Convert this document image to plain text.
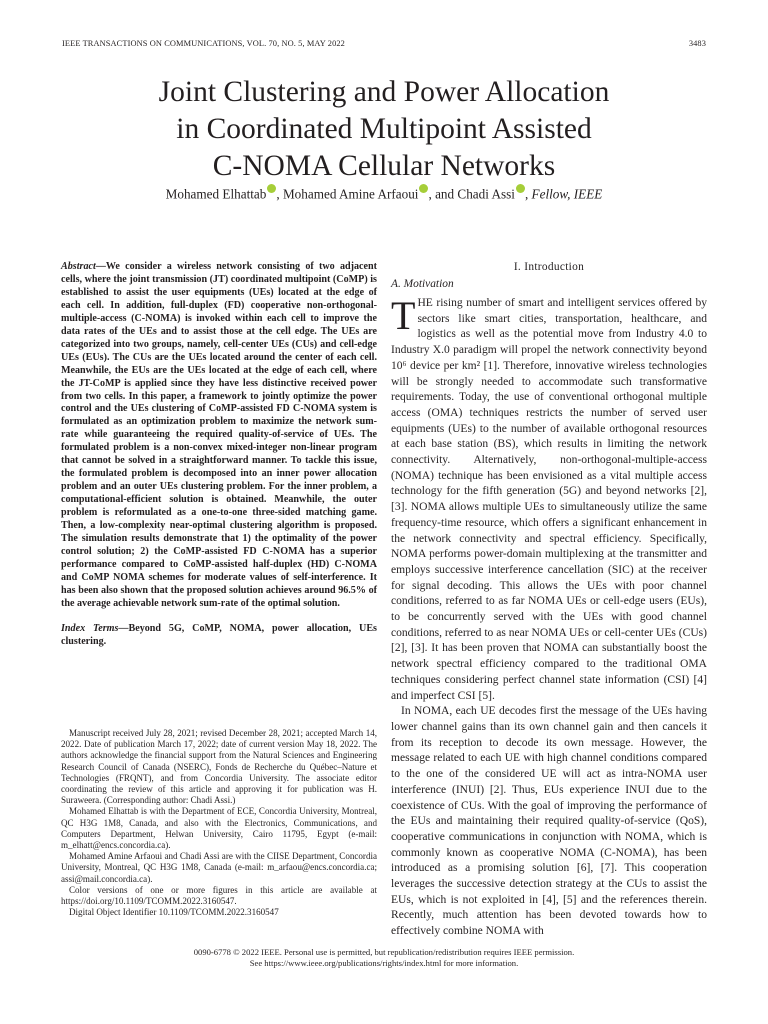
IEEE TRANSACTIONS ON COMMUNICATIONS, VOL. 70, NO. 5, MAY 2022	3483
Joint Clustering and Power Allocation
in Coordinated Multipoint Assisted
C-NOMA Cellular Networks
Mohamed Elhattab , Mohamed Amine Arfaoui , and Chadi Assi , Fellow, IEEE

Abstract—We consider a wireless network consisting of two adjacent cells, where the joint transmission (JT) coordinated multipoint (CoMP) is established to assist the user equipments (UEs) located at the edge of each cell. In addition, full-duplex (FD) cooperative non-orthogonal-multiple-access (C-NOMA) is invoked within each cell to improve the data rates of the UEs and to assist those at the cell edge. The UEs are categorized into two groups, namely, cell-center UEs (CUs) and cell-edge UEs (EUs). The CUs are the UEs located around the center of each cell. Meanwhile, the EUs are the UEs located at the edge of each cell, where the JT-CoMP is applied since they have less distinctive received power from two cells. In this paper, a framework to jointly optimize the power control and the UEs clustering of CoMP-assisted FD C-NOMA system is formulated as an optimization problem to maximize the network sum-rate while guaranteeing the required quality-of-service of UEs. The formulated problem is a non-convex mixed-integer non-linear program that cannot be solved in a straightforward manner. To tackle this issue, the formulated problem is decomposed into an inner power allocation problem and an outer UEs clustering problem. For the inner problem, a computational-efficient solution is obtained. Meanwhile, the outer problem is reformulated as a one-to-one three-sided matching game. Then, a low-complexity near-optimal clustering algorithm is proposed. The simulation results demonstrate that 1) the optimality of the power control solution; 2) the CoMP-assisted FD C-NOMA has a superior performance compared to CoMP-assisted half-duplex (HD) C-NOMA and CoMP NOMA schemes for moderate values of self-interference. It has been also shown that the proposed solution achieves around 96.5% of the average achievable network sum-rate of the optimal solution.

Index Terms—Beyond 5G, CoMP, NOMA, power allocation, UEs clustering.

Manuscript received July 28, 2021; revised December 28, 2021; accepted March 14, 2022. Date of publication March 17, 2022; date of current version May 18, 2022. The authors acknowledge the financial support from the Natural Sciences and Engineering Research Council of Canada (NSERC), Fonds de Recherche du Québec–Nature et Technologies (FRQNT), and from Concordia University. The associate editor coordinating the review of this article and approving it for publication was H. Suraweera. (Corresponding author: Chadi Assi.)

Mohamed Elhattab is with the Department of ECE, Concordia University, Montreal, QC H3G 1M8, Canada, and also with the Electronics, Communications, and Computers Department, Helwan University, Cairo 11795, Egypt (e-mail: m_elhatt@encs.concordia.ca).

Mohamed Amine Arfaoui and Chadi Assi are with the CIISE Department, Concordia University, Montreal, QC H3G 1M8, Canada (e-mail: m_arfaou@encs.concordia.ca; assi@mail.concordia.ca).

Color versions of one or more figures in this article are available at https://doi.org/10.1109/TCOMM.2022.3160547.

Digital Object Identifier 10.1109/TCOMM.2022.3160547

I. Introduction
A. Motivation

THE rising number of smart and intelligent services offered by sectors like smart cities, transportation, healthcare, and logistics as well as the potential move from Industry 4.0 to Industry X.0 paradigm will propel the network connectivity beyond 10⁶ device per km² [1]. Therefore, innovative wireless technologies will be strongly needed to accommodate such transformative requirements. Today, the use of conventional orthogonal multiple access (OMA) techniques restricts the number of served user equipments (UEs) to the number of available orthogonal resources at each base station (BS), which results in limiting the network connectivity. Alternatively, non-orthogonal-multiple-access (NOMA) technique has been envisioned as a vital multiple access technology for the fifth generation (5G) and beyond networks [2], [3]. NOMA allows multiple UEs to simultaneously utilize the same frequency-time resource, which offers a significant enhancement in the network connectivity and spectral efficiency. Specifically, NOMA performs power-domain multiplexing at the transmitter and employs successive interference cancellation (SIC) at the receiver for signal decoding. This allows the UEs with poor channel conditions, referred to as far NOMA UEs or cell-edge users (EUs), to be concurrently served with the UEs with good channel conditions, referred to as near NOMA UEs or cell-center UEs (CUs) [2], [3]. It has been proven that NOMA can substantially boost the network spectral efficiency compared to the traditional OMA techniques considering perfect channel state information (CSI) [4] and imperfect CSI [5].

In NOMA, each UE decodes first the message of the UEs having lower channel gains than its own channel gain and then cancels it from its reception to decode its own message. However, the message related to each UE with high channel conditions compared to the one of the considered UE will act as intra-NOMA user interference (INUI) [2]. Thus, EUs experience INUI due to the coexistence of CUs. With the goal of improving the performance of the EUs and maintaining their required quality-of-service (QoS), cooperative communications in conjunction with NOMA, which is commonly known as cooperative NOMA (C-NOMA), has been introduced as a promising solution [6], [7]. This cooperation leverages the successive detection strategy at the CUs to assist the EUs, which is not exploited in [4], [5] and the references therein. Recently, much attention has been devoted towards how to effectively combine NOMA with

0090-6778 © 2022 IEEE. Personal use is permitted, but republication/redistribution requires IEEE permission.

See https://www.ieee.org/publications/rights/index.html for more information.
